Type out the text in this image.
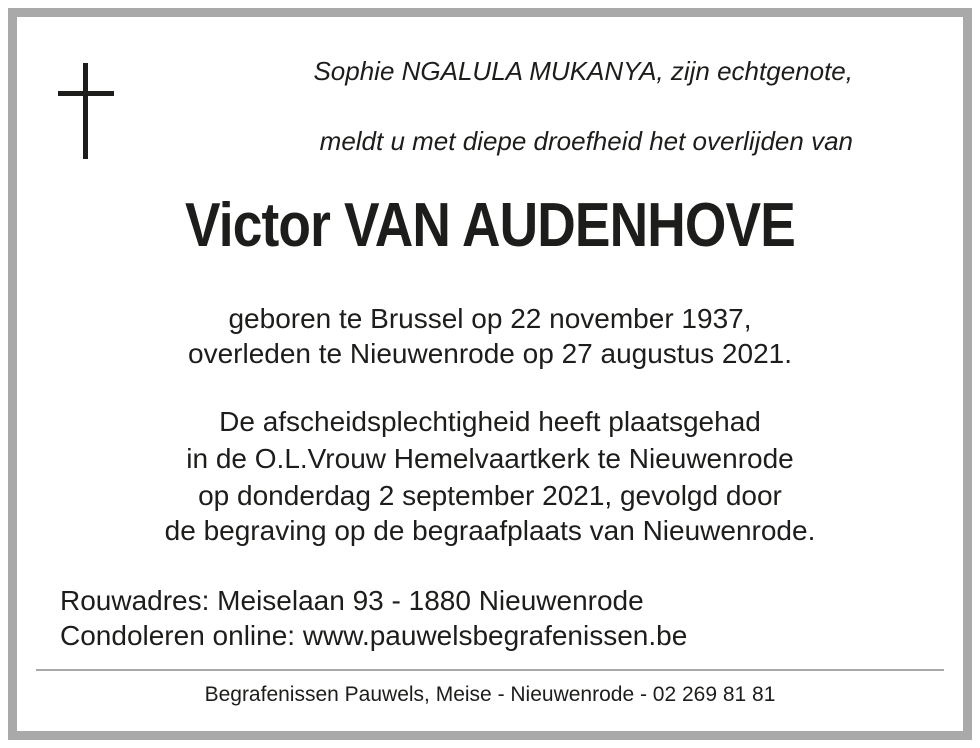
Sophie NGALULA MUKANYA, zijn echtgenote,
meldt u met diepe droefheid het overlijden van
Victor VAN AUDENHOVE
geboren te Brussel op 22 november 1937,
overleden te Nieuwenrode op 27 augustus 2021.
De afscheidsplechtigheid heeft plaatsgehad
in de O.L.Vrouw Hemelvaartkerk te Nieuwenrode
op donderdag 2 september 2021, gevolgd door
de begraving op de begraafplaats van Nieuwenrode.
Rouwadres: Meiselaan 93 - 1880 Nieuwenrode
Condoleren online: www.pauwelsbegrafenissen.be
Begrafenissen Pauwels, Meise - Nieuwenrode - 02 269 81 81
